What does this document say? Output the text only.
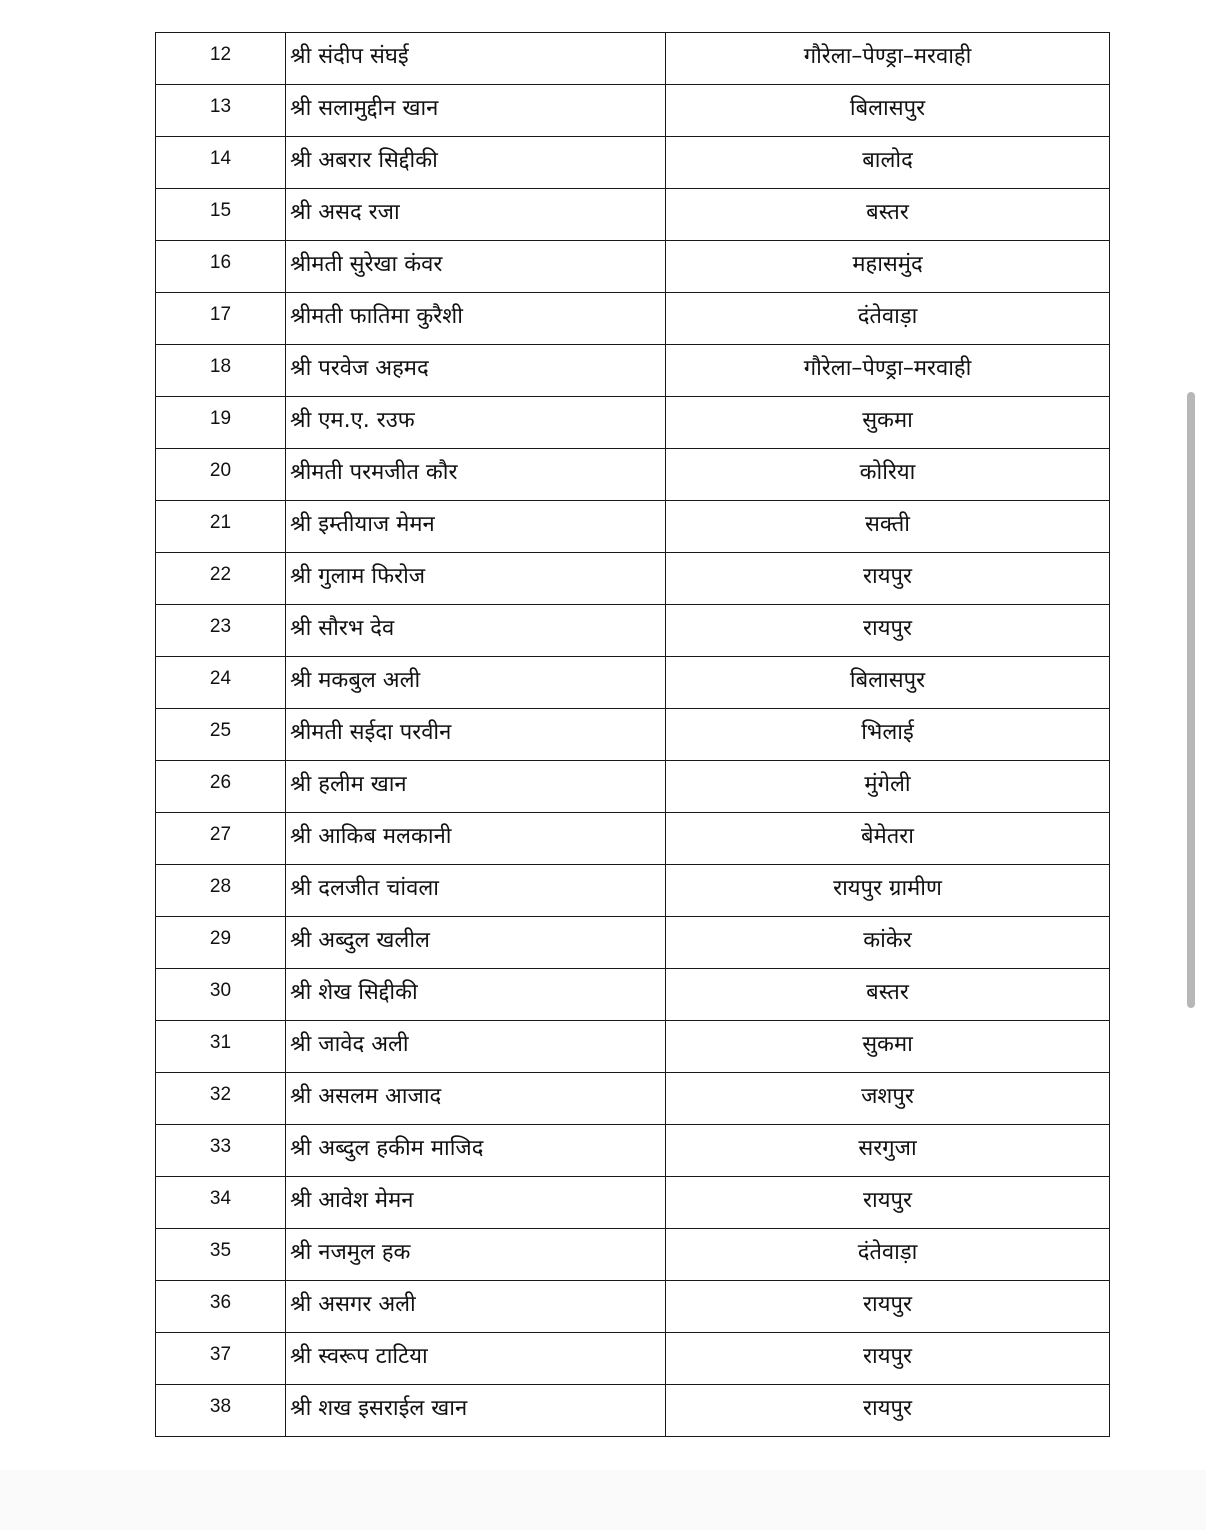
12	श्री संदीप संघई	गौरेला–पेण्ड्रा–मरवाही
13	श्री सलामुद्दीन खान	बिलासपुर
14	श्री अबरार सिद्दीकी	बालोद
15	श्री असद रजा	बस्तर
16	श्रीमती सुरेखा कंवर	महासमुंद
17	श्रीमती फातिमा कुरैशी	दंतेवाड़ा
18	श्री परवेज अहमद	गौरेला–पेण्ड्रा–मरवाही
19	श्री एम.ए. रउफ	सुकमा
20	श्रीमती परमजीत कौर	कोरिया
21	श्री इम्तीयाज मेमन	सक्ती
22	श्री गुलाम फिरोज	रायपुर
23	श्री सौरभ देव	रायपुर
24	श्री मकबुल अली	बिलासपुर
25	श्रीमती सईदा परवीन	भिलाई
26	श्री हलीम खान	मुंगेली
27	श्री आकिब मलकानी	बेमेतरा
28	श्री दलजीत चांवला	रायपुर ग्रामीण
29	श्री अब्दुल खलील	कांकेर
30	श्री शेख सिद्दीकी	बस्तर
31	श्री जावेद अली	सुकमा
32	श्री असलम आजाद	जशपुर
33	श्री अब्दुल हकीम माजिद	सरगुजा
34	श्री आवेश मेमन	रायपुर
35	श्री नजमुल हक	दंतेवाड़ा
36	श्री असगर अली	रायपुर
37	श्री स्वरूप टाटिया	रायपुर
38	श्री शख इसराईल खान	रायपुर
